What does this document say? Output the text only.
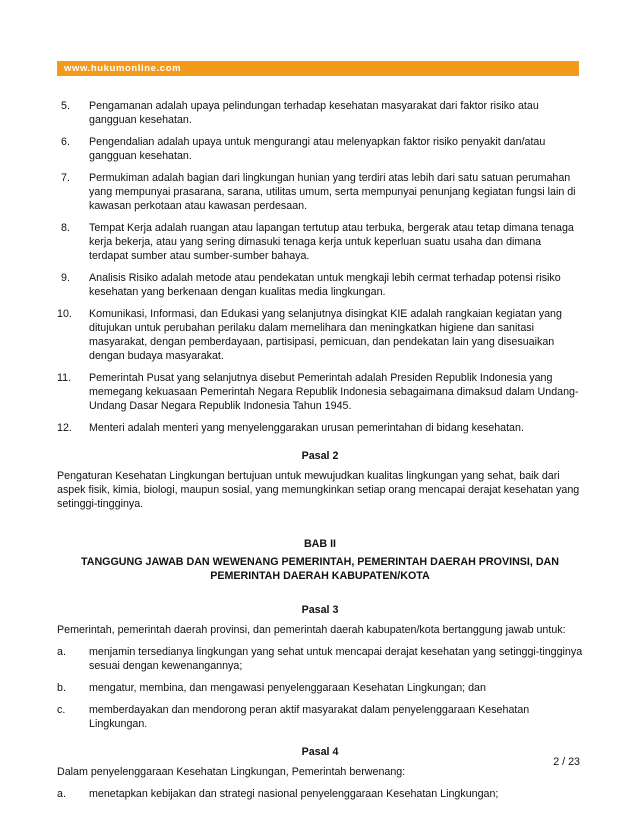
www.hukumonline.com
5. Pengamanan adalah upaya pelindungan terhadap kesehatan masyarakat dari faktor risiko atau gangguan kesehatan.
6. Pengendalian adalah upaya untuk mengurangi atau melenyapkan faktor risiko penyakit dan/atau gangguan kesehatan.
7. Permukiman adalah bagian dari lingkungan hunian yang terdiri atas lebih dari satu satuan perumahan yang mempunyai prasarana, sarana, utilitas umum, serta mempunyai penunjang kegiatan fungsi lain di kawasan perkotaan atau kawasan perdesaan.
8. Tempat Kerja adalah ruangan atau lapangan tertutup atau terbuka, bergerak atau tetap dimana tenaga kerja bekerja, atau yang sering dimasuki tenaga kerja untuk keperluan suatu usaha dan dimana terdapat sumber atau sumber-sumber bahaya.
9. Analisis Risiko adalah metode atau pendekatan untuk mengkaji lebih cermat terhadap potensi risiko kesehatan yang berkenaan dengan kualitas media lingkungan.
10. Komunikasi, Informasi, dan Edukasi yang selanjutnya disingkat KIE adalah rangkaian kegiatan yang ditujukan untuk perubahan perilaku dalam memelihara dan meningkatkan higiene dan sanitasi masyarakat, dengan pemberdayaan, partisipasi, pemicuan, dan pendekatan lain yang disesuaikan dengan budaya masyarakat.
11. Pemerintah Pusat yang selanjutnya disebut Pemerintah adalah Presiden Republik Indonesia yang memegang kekuasaan Pemerintah Negara Republik Indonesia sebagaimana dimaksud dalam Undang-Undang Dasar Negara Republik Indonesia Tahun 1945.
12. Menteri adalah menteri yang menyelenggarakan urusan pemerintahan di bidang kesehatan.
Pasal 2

Pengaturan Kesehatan Lingkungan bertujuan untuk mewujudkan kualitas lingkungan yang sehat, baik dari aspek fisik, kimia, biologi, maupun sosial, yang memungkinkan setiap orang mencapai derajat kesehatan yang setinggi-tingginya.

BAB II
TANGGUNG JAWAB DAN WEWENANG PEMERINTAH, PEMERINTAH DAERAH PROVINSI, DAN PEMERINTAH DAERAH KABUPATEN/KOTA
Pasal 3

Pemerintah, pemerintah daerah provinsi, dan pemerintah daerah kabupaten/kota bertanggung jawab untuk:

a. menjamin tersedianya lingkungan yang sehat untuk mencapai derajat kesehatan yang setinggi-tingginya sesuai dengan kewenangannya;
b. mengatur, membina, dan mengawasi penyelenggaraan Kesehatan Lingkungan; dan
c. memberdayakan dan mendorong peran aktif masyarakat dalam penyelenggaraan Kesehatan Lingkungan.
Pasal 4

Dalam penyelenggaraan Kesehatan Lingkungan, Pemerintah berwenang:

a. menetapkan kebijakan dan strategi nasional penyelenggaraan Kesehatan Lingkungan;
2 / 23
